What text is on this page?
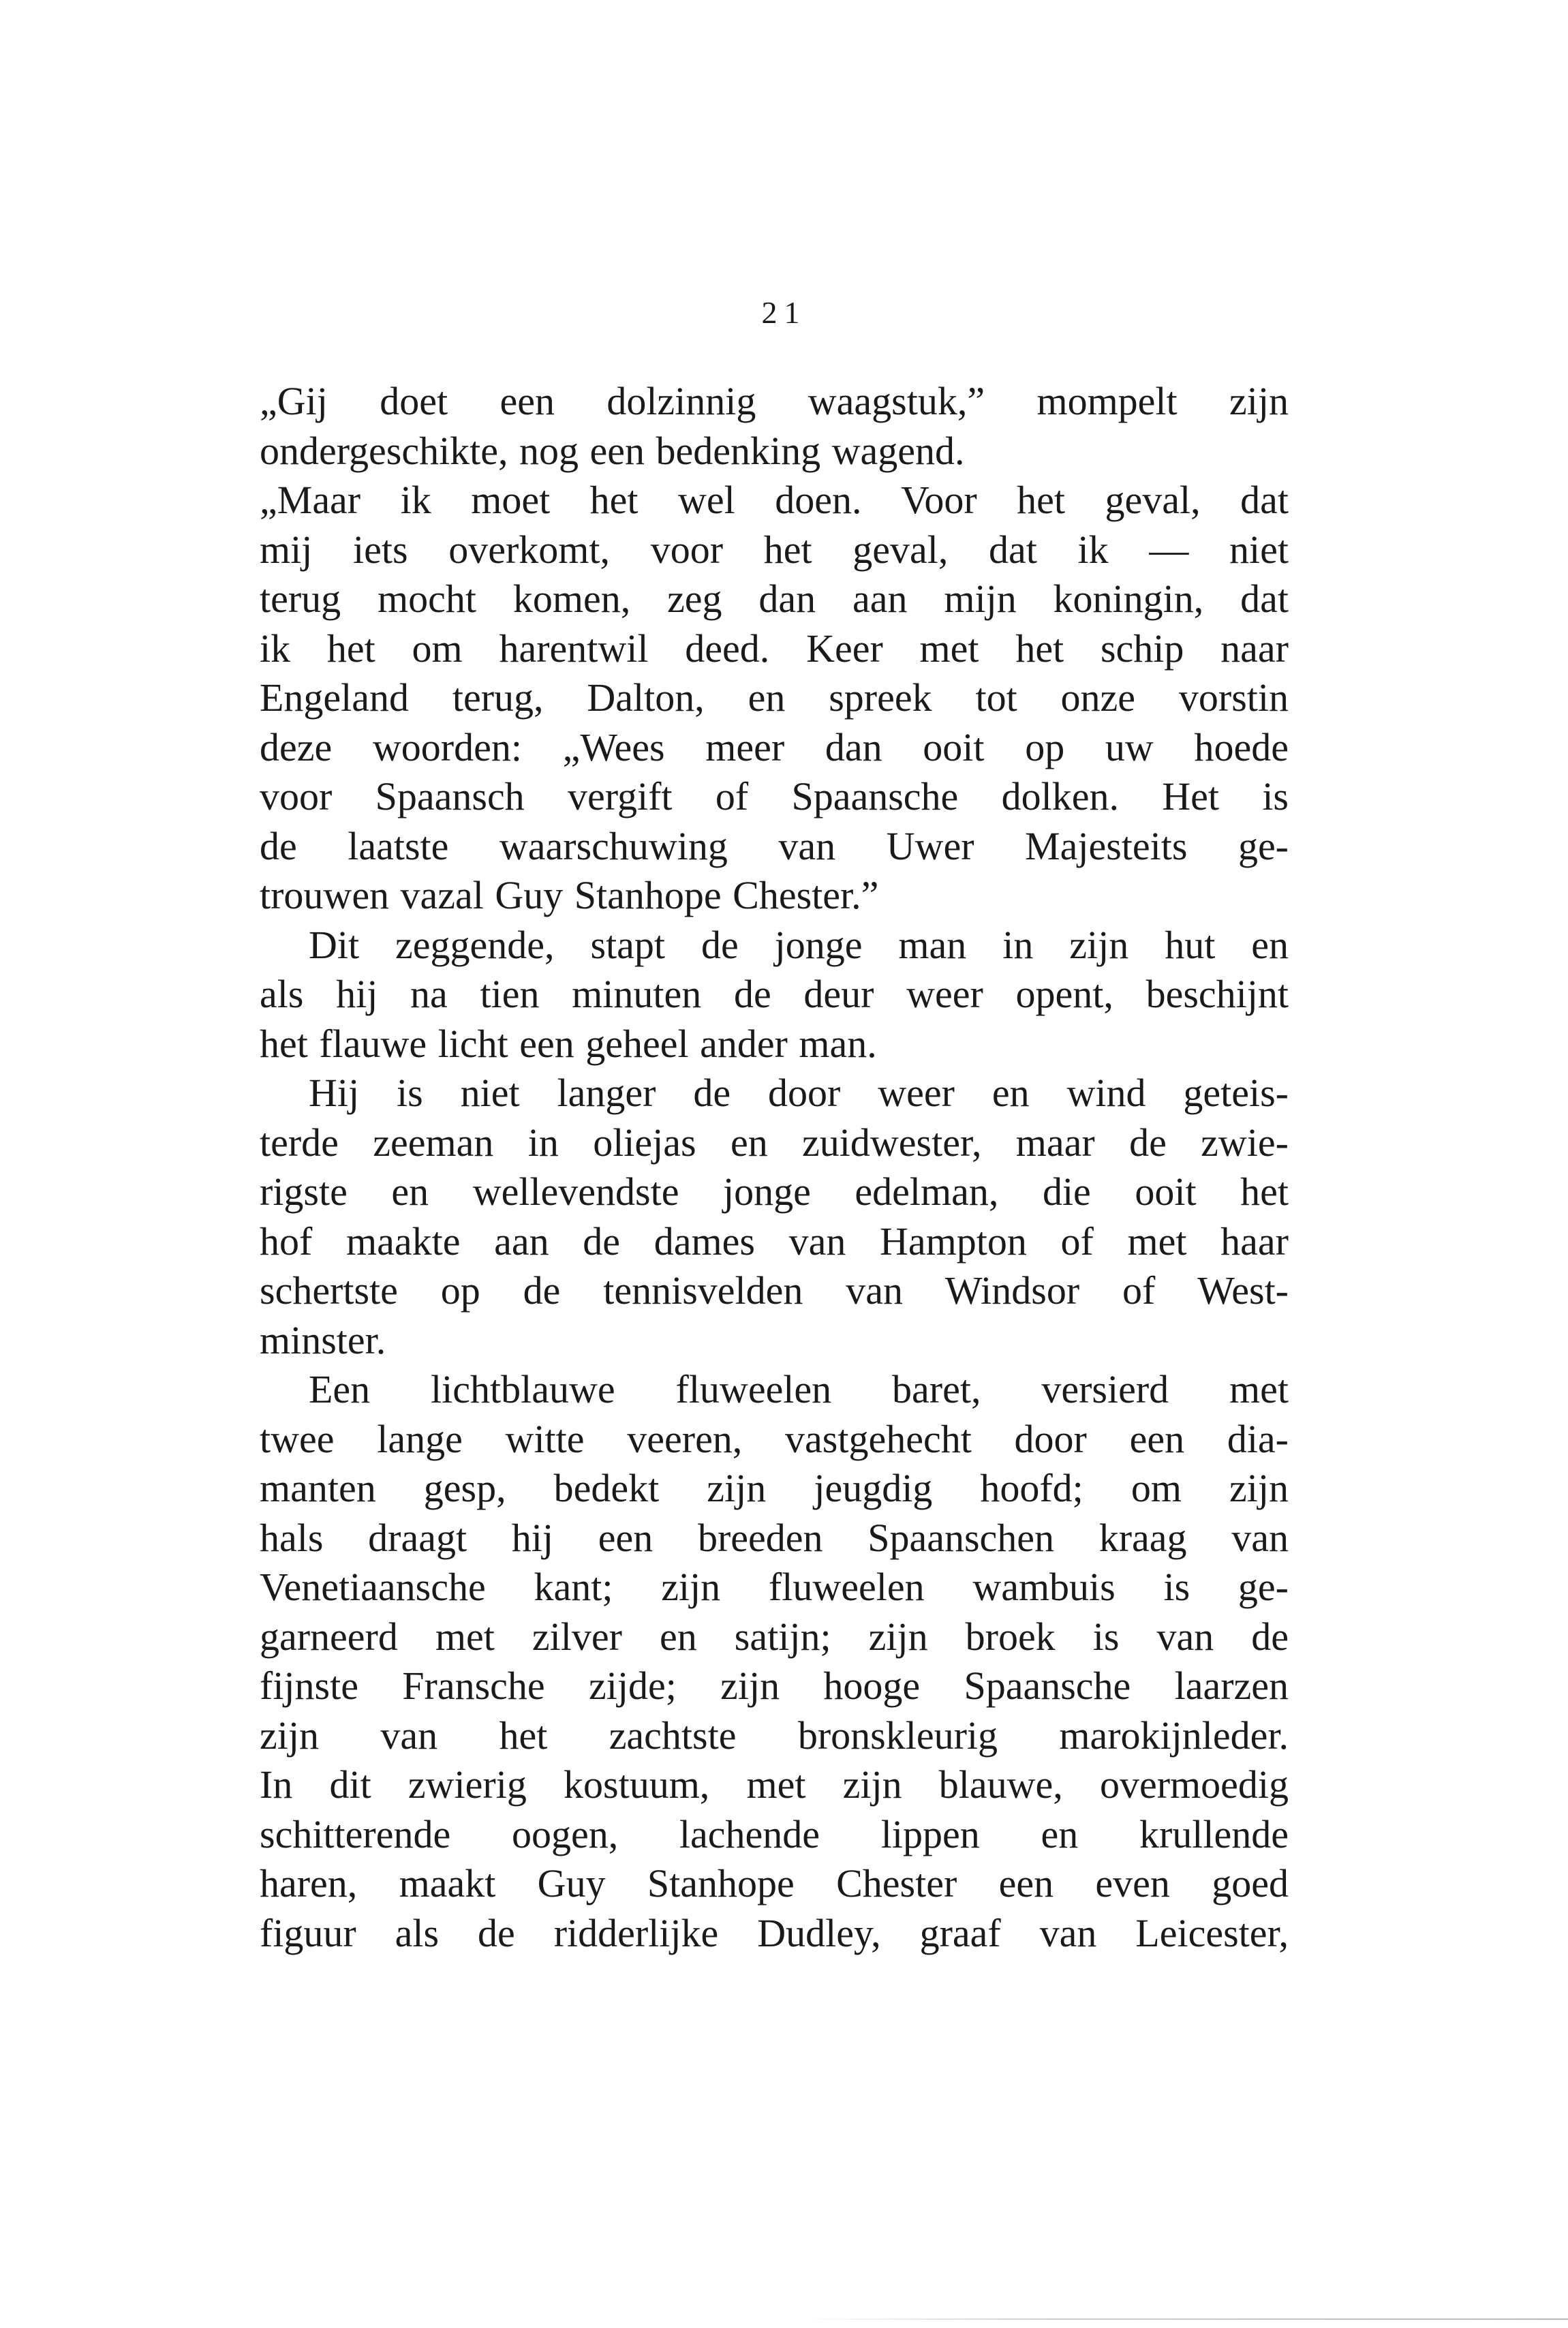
21
„Gij doet een dolzinnig waagstuk,” mompelt zijn
ondergeschikte, nog een bedenking wagend.
„Maar ik moet het wel doen. Voor het geval, dat
mij iets overkomt, voor het geval, dat ik — niet
terug mocht komen, zeg dan aan mijn koningin, dat
ik het om harentwil deed. Keer met het schip naar
Engeland terug, Dalton, en spreek tot onze vorstin
deze woorden: „Wees meer dan ooit op uw hoede
voor Spaansch vergift of Spaansche dolken. Het is
de laatste waarschuwing van Uwer Majesteits ge-
trouwen vazal Guy Stanhope Chester.”
Dit zeggende, stapt de jonge man in zijn hut en
als hij na tien minuten de deur weer opent, beschijnt
het flauwe licht een geheel ander man.
Hij is niet langer de door weer en wind geteis-
terde zeeman in oliejas en zuidwester, maar de zwie-
rigste en wellevendste jonge edelman, die ooit het
hof maakte aan de dames van Hampton of met haar
schertste op de tennisvelden van Windsor of West-
minster.
Een lichtblauwe fluweelen baret, versierd met
twee lange witte veeren, vastgehecht door een dia-
manten gesp, bedekt zijn jeugdig hoofd; om zijn
hals draagt hij een breeden Spaanschen kraag van
Venetiaansche kant; zijn fluweelen wambuis is ge-
garneerd met zilver en satijn; zijn broek is van de
fijnste Fransche zijde; zijn hooge Spaansche laarzen
zijn van het zachtste bronskleurig marokijnleder.
In dit zwierig kostuum, met zijn blauwe, overmoedig
schitterende oogen, lachende lippen en krullende
haren, maakt Guy Stanhope Chester een even goed
figuur als de ridderlijke Dudley, graaf van Leicester,
